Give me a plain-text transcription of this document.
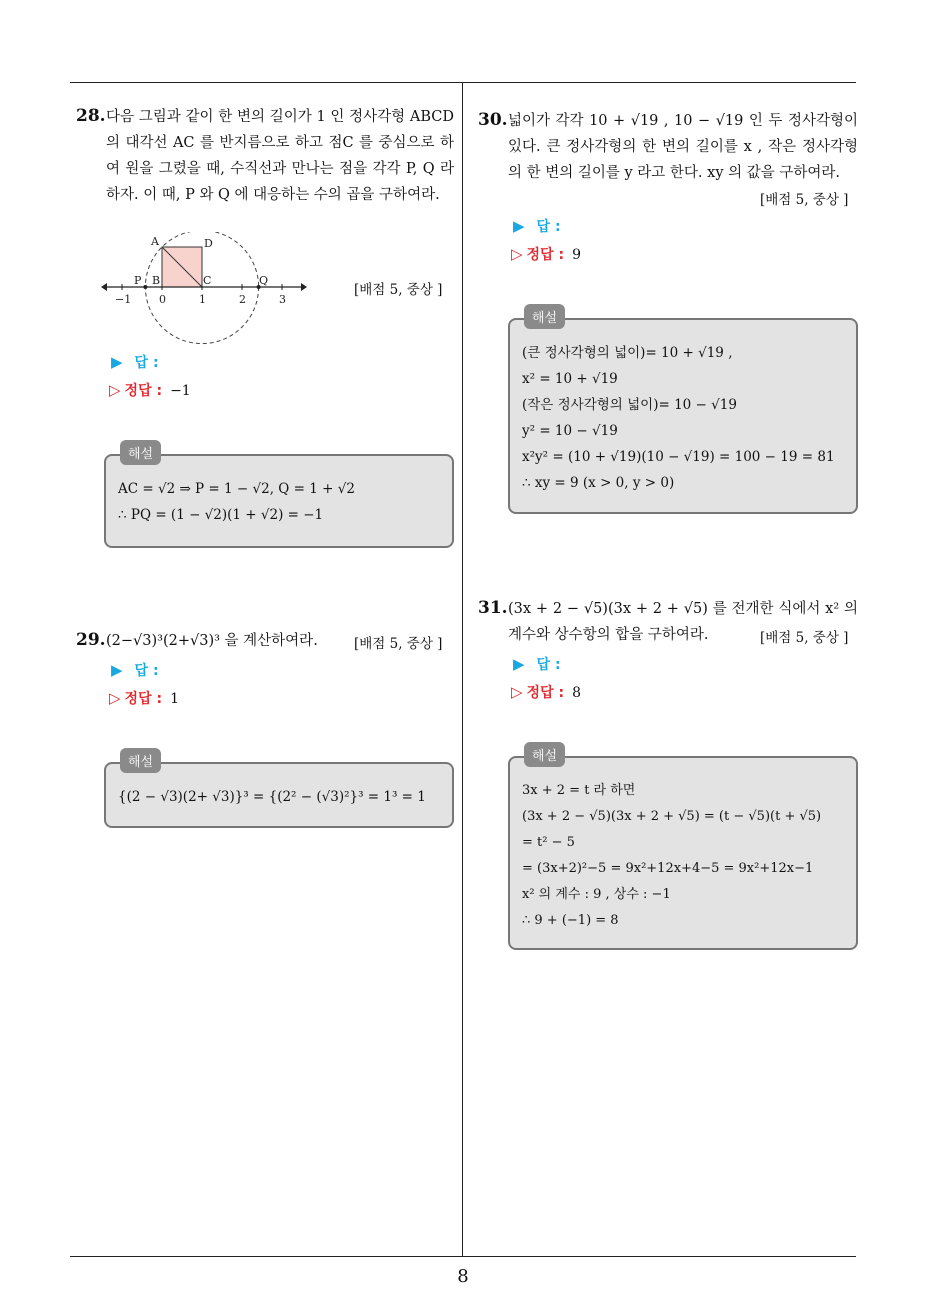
28. 다음 그림과 같이 한 변의 길이가 1 인 정사각형 ABCD 의 대각선 AC 를 반지름으로 하고 점C 를 중심으로 하여 원을 그렸을 때, 수직선과 만나는 점을 각각 P, Q 라 하자. 이 때, P 와 Q 에 대응하는 수의 곱을 구하여라.
A	D
P B	C	Q
−1	0	1	2	3
[배점 5, 중상 ]
▶ 답 :
▷ 정답 : −1
해설
AC = √2 ⇒ P = 1 − √2, Q = 1 + √2
∴ PQ = (1 − √2)(1 + √2) = −1
29. (2−√3)³(2+√3)³ 을 계산하여라.	[배점 5, 중상 ]
▶ 답 :
▷ 정답 : 1
해설
{(2 − √3)(2+ √3)}³ = {(2² − (√3)²}³ = 1³ = 1
30. 넓이가 각각 10 + √19 , 10 − √19 인 두 정사각형이 있다. 큰 정사각형의 한 변의 길이를 x , 작은 정사각형의 한 변의 길이를 y 라고 한다. xy 의 값을 구하여라.
[배점 5, 중상 ]
▶ 답 :
▷ 정답 : 9
해설
(큰 정사각형의 넓이)= 10 + √19 ,
x² = 10 + √19
(작은 정사각형의 넓이)= 10 − √19
y² = 10 − √19
x²y² = (10 + √19)(10 − √19) = 100 − 19 = 81
∴ xy = 9 (x > 0, y > 0)
31. (3x + 2 − √5)(3x + 2 + √5) 를 전개한 식에서 x² 의 계수와 상수항의 합을 구하여라.	[배점 5, 중상 ]
▶ 답 :
▷ 정답 : 8
해설
3x + 2 = t 라 하면
(3x + 2 − √5)(3x + 2 + √5) = (t − √5)(t + √5)
= t² − 5
= (3x+2)²−5 = 9x²+12x+4−5 = 9x²+12x−1
x² 의 계수 : 9 , 상수 : −1
∴ 9 + (−1) = 8
8
